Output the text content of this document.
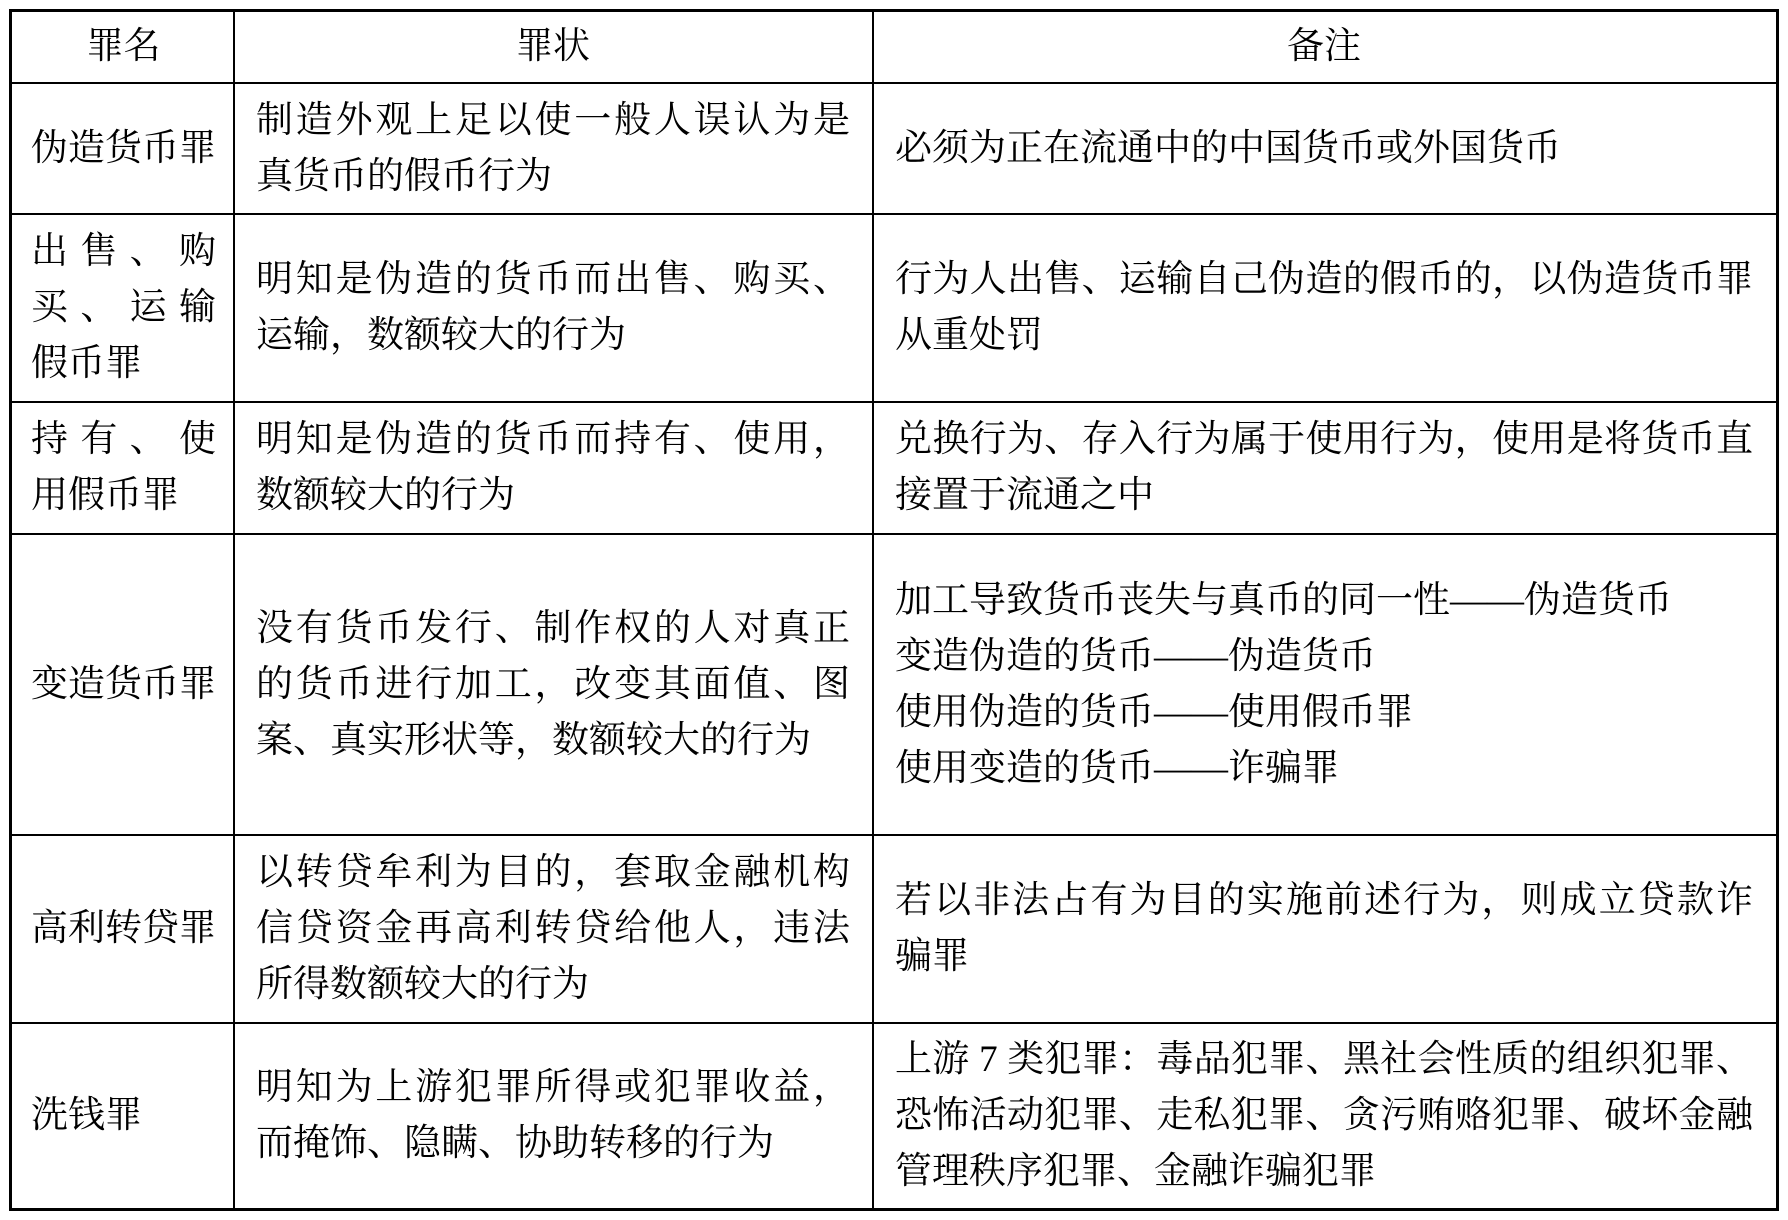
罪名	罪状	备注
伪造货币罪
制造外观上足以使一般人误认为是
真货币的假币行为
必须为正在流通中的中国货币或外国货币
出售、购
买、运输
假币罪
明知是伪造的货币而出售、购买、
运输，数额较大的行为
行为人出售、运输自己伪造的假币的，以伪造货币罪
从重处罚
持有、使
用假币罪
明知是伪造的货币而持有、使用，
数额较大的行为
兑换行为、存入行为属于使用行为，使用是将货币直
接置于流通之中
变造货币罪
没有货币发行、制作权的人对真正
的货币进行加工，改变其面值、图
案、真实形状等，数额较大的行为
加工导致货币丧失与真币的同一性——伪造货币
变造伪造的货币——伪造货币
使用伪造的货币——使用假币罪
使用变造的货币——诈骗罪
高利转贷罪
以转贷牟利为目的，套取金融机构
信贷资金再高利转贷给他人，违法
所得数额较大的行为
若以非法占有为目的实施前述行为，则成立贷款诈
骗罪
洗钱罪
明知为上游犯罪所得或犯罪收益，
而掩饰、隐瞒、协助转移的行为
上游 7 类犯罪：毒品犯罪、黑社会性质的组织犯罪、
恐怖活动犯罪、走私犯罪、贪污贿赂犯罪、破坏金融
管理秩序犯罪、金融诈骗犯罪
